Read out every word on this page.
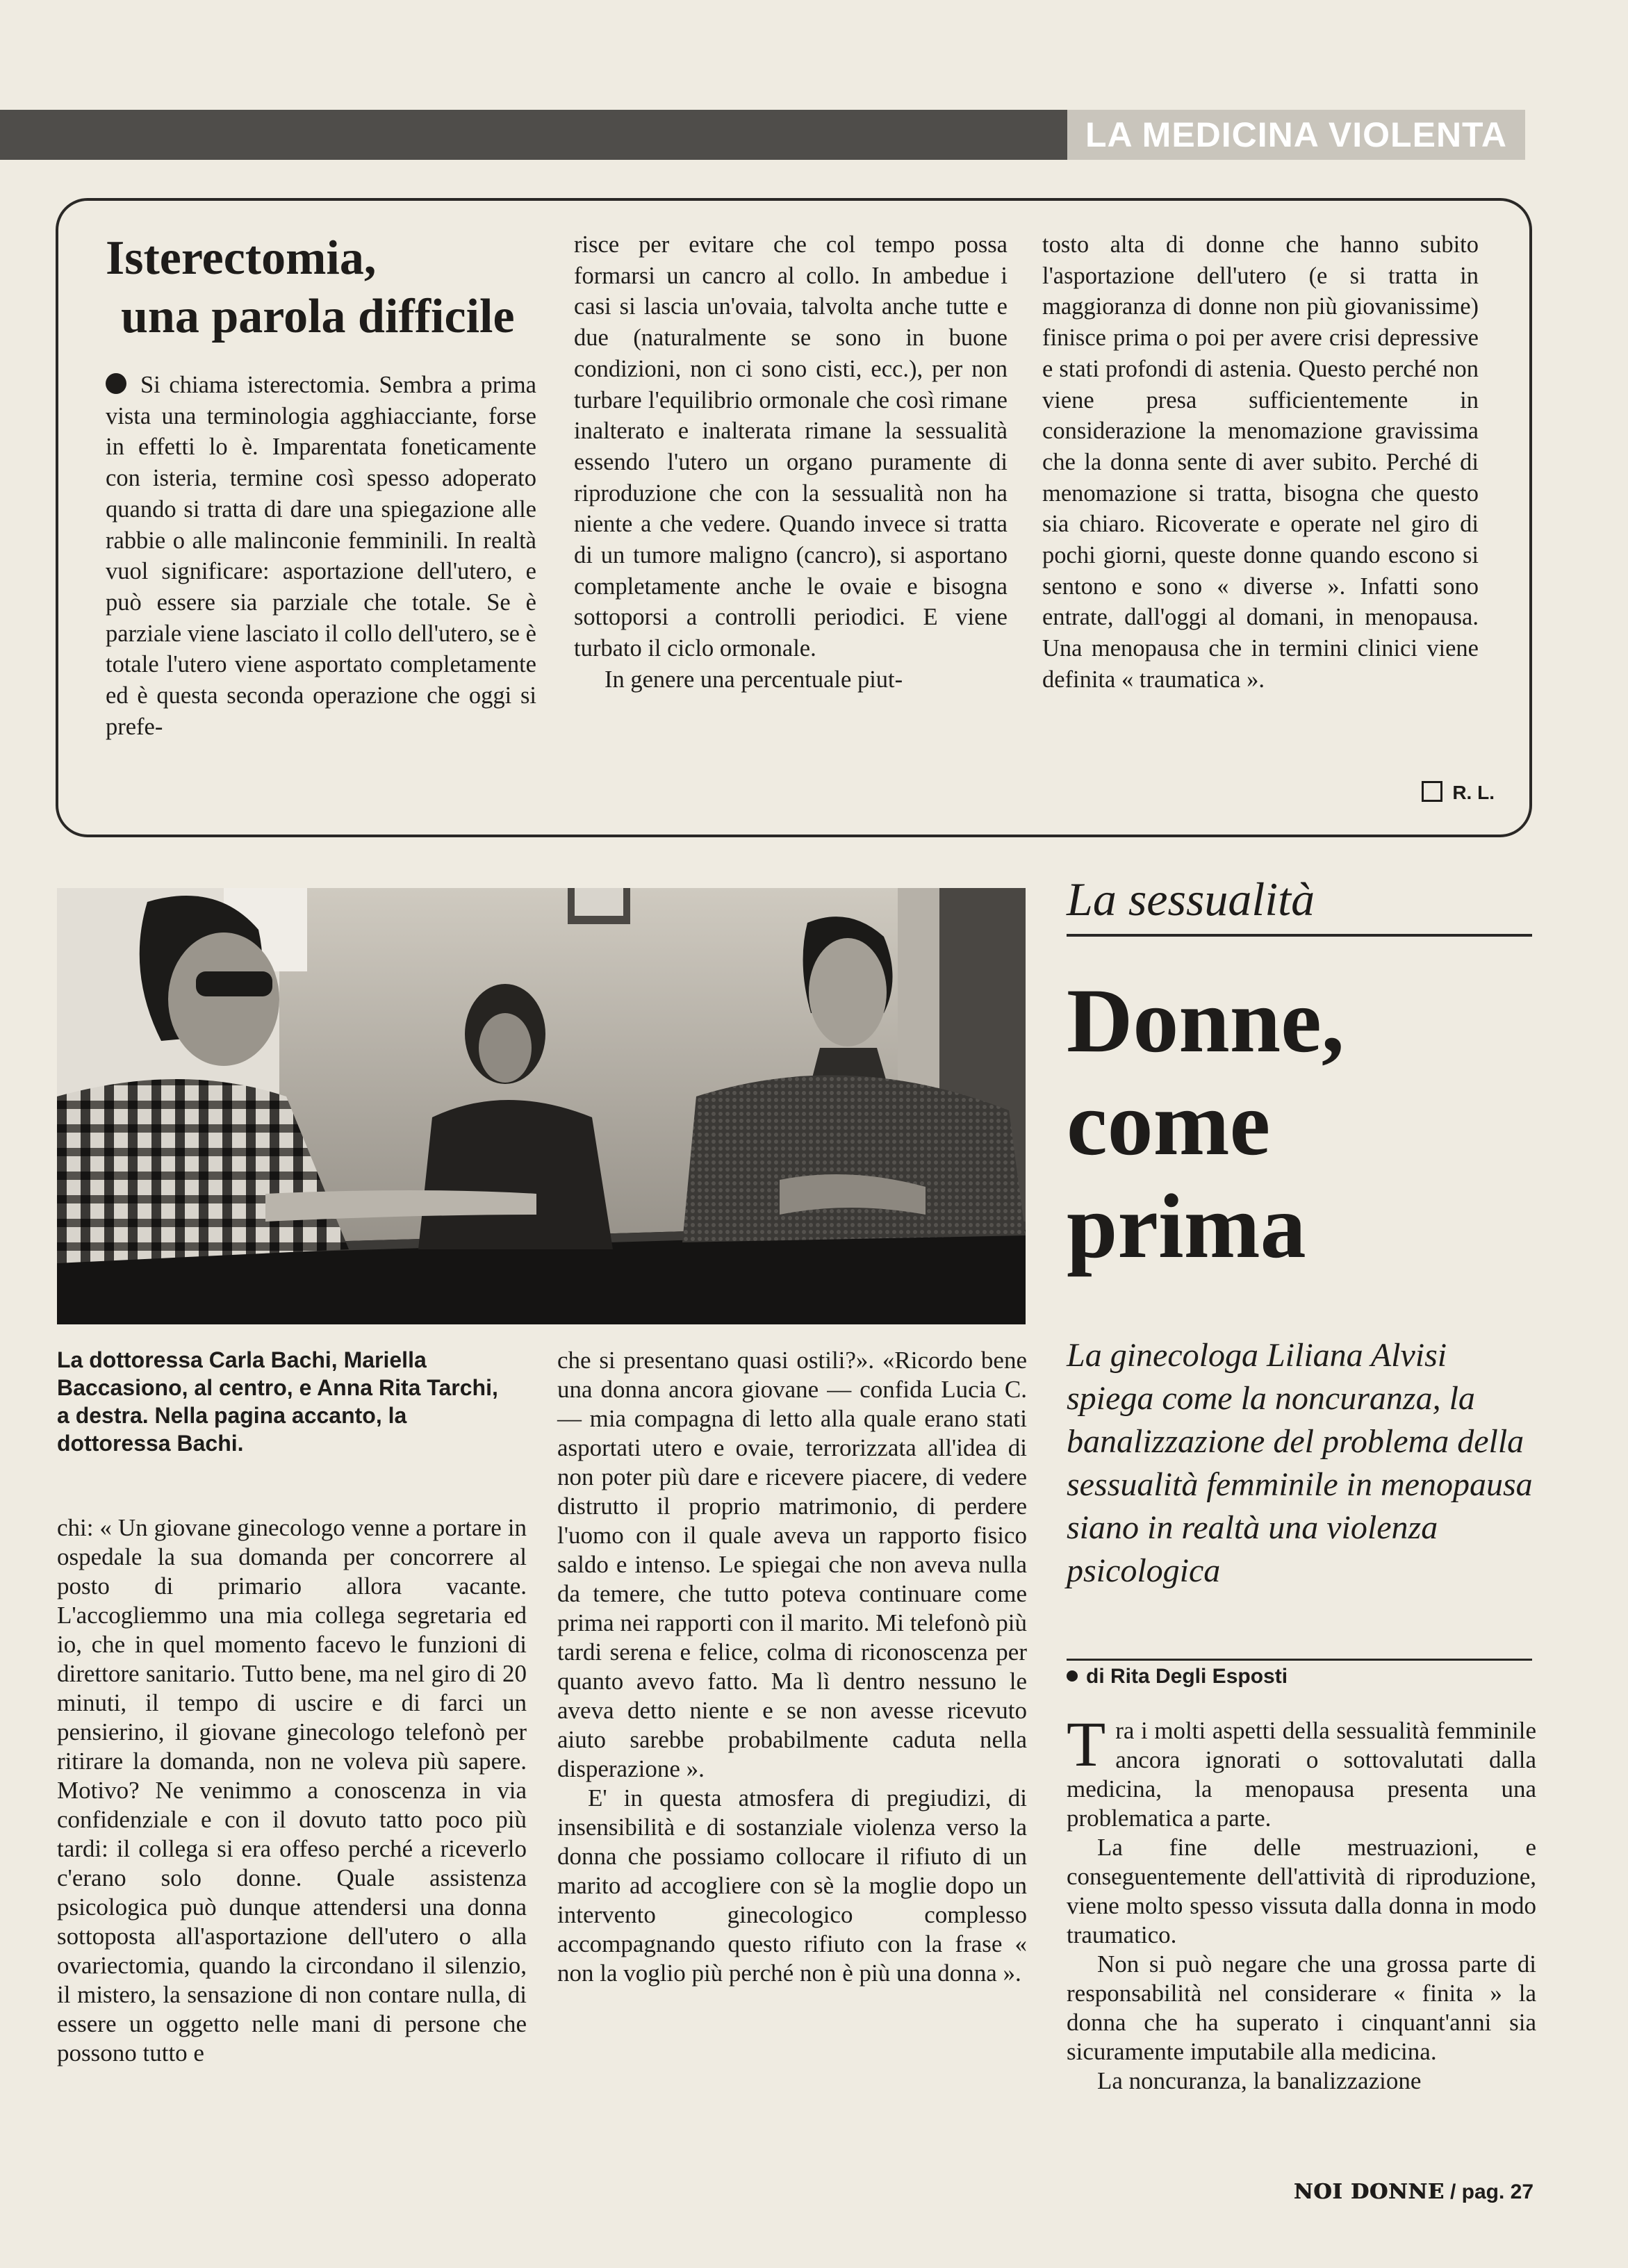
LA MEDICINA VIOLENTA
Isterectomia,
una parola difficile

Si chiama isterectomia. Sembra a prima vista una terminologia agghiacciante, forse in effetti lo è. Imparentata foneticamente con isteria, termine così spesso adoperato quando si tratta di dare una spiegazione alle rabbie o alle malinconie femminili. In realtà vuol significare: asportazione dell'utero, e può essere sia parziale che totale. Se è parziale viene lasciato il collo dell'utero, se è totale l'utero viene asportato completamente ed è questa seconda operazione che oggi si prefe-

risce per evitare che col tempo possa formarsi un cancro al collo. In ambedue i casi si lascia un'ovaia, talvolta anche tutte e due (naturalmente se sono in buone condizioni, non ci sono cisti, ecc.), per non turbare l'equilibrio ormonale che così rimane inalterato e inalterata rimane la sessualità essendo l'utero un organo puramente di riproduzione che con la sessualità non ha niente a che vedere. Quando invece si tratta di un tumore maligno (cancro), si asportano completamente anche le ovaie e bisogna sottoporsi a controlli periodici. E viene turbato il ciclo ormonale.

In genere una percentuale piut-

tosto alta di donne che hanno subito l'asportazione dell'utero (e si tratta in maggioranza di donne non più giovanissime) finisce prima o poi per avere crisi depressive e stati profondi di astenia. Questo perché non viene presa sufficientemente in considerazione la menomazione gravissima che la donna sente di aver subito. Perché di menomazione si tratta, bisogna che questo sia chiaro. Ricoverate e operate nel giro di pochi giorni, queste donne quando escono si sentono e sono « diverse ». Infatti sono entrate, dall'oggi al domani, in menopausa. Una menopausa che in termini clinici viene definita « traumatica ».

R. L.
La sessualità
Donne,
come
prima

La ginecologa Liliana Alvisi spiega come la noncuranza, la banalizzazione del problema della sessualità femminile in menopausa siano in realtà una violenza psicologica

di Rita Degli Esposti

La dottoressa Carla Bachi, Mariella Baccasiono, al centro, e Anna Rita Tarchi, a destra. Nella pagina accanto, la dottoressa Bachi.

chi: « Un giovane ginecologo venne a portare in ospedale la sua domanda per concorrere al posto di primario allora vacante. L'accogliemmo una mia collega segretaria ed io, che in quel momento facevo le funzioni di direttore sanitario. Tutto bene, ma nel giro di 20 minuti, il tempo di uscire e di farci un pensierino, il giovane ginecologo telefonò per ritirare la domanda, non ne voleva più sapere. Motivo? Ne venimmo a conoscenza in via confidenziale e con il dovuto tatto poco più tardi: il collega si era offeso perché a riceverlo c'erano solo donne. Quale assistenza psicologica può dunque attendersi una donna sottoposta all'asportazione dell'utero o alla ovariectomia, quando la circondano il silenzio, il mistero, la sensazione di non contare nulla, di essere un oggetto nelle mani di persone che possono tutto e

che si presentano quasi ostili?». «Ricordo bene una donna ancora giovane — confida Lucia C. — mia compagna di letto alla quale erano stati asportati utero e ovaie, terrorizzata all'idea di non poter più dare e ricevere piacere, di vedere distrutto il proprio matrimonio, di perdere l'uomo con il quale aveva un rapporto fisico saldo e intenso. Le spiegai che non aveva nulla da temere, che tutto poteva continuare come prima nei rapporti con il marito. Mi telefonò più tardi serena e felice, colma di riconoscenza per quanto avevo fatto. Ma lì dentro nessuno le aveva detto niente e se non avesse ricevuto aiuto sarebbe probabilmente caduta nella disperazione ».

E' in questa atmosfera di pregiudizi, di insensibilità e di sostanziale violenza verso la donna che possiamo collocare il rifiuto di un marito ad accogliere con sè la moglie dopo un intervento ginecologico complesso accompagnando questo rifiuto con la frase « non la voglio più perché non è più una donna ».

Tra i molti aspetti della sessualità femminile ancora ignorati o sottovalutati dalla medicina, la menopausa presenta una problematica a parte.

La fine delle mestruazioni, e conseguentemente dell'attività di riproduzione, viene molto spesso vissuta dalla donna in modo traumatico.

Non si può negare che una grossa parte di responsabilità nel considerare « finita » la donna che ha superato i cinquant'anni sia sicuramente imputabile alla medicina.

La noncuranza, la banalizzazione

NOI DONNE / pag. 27
